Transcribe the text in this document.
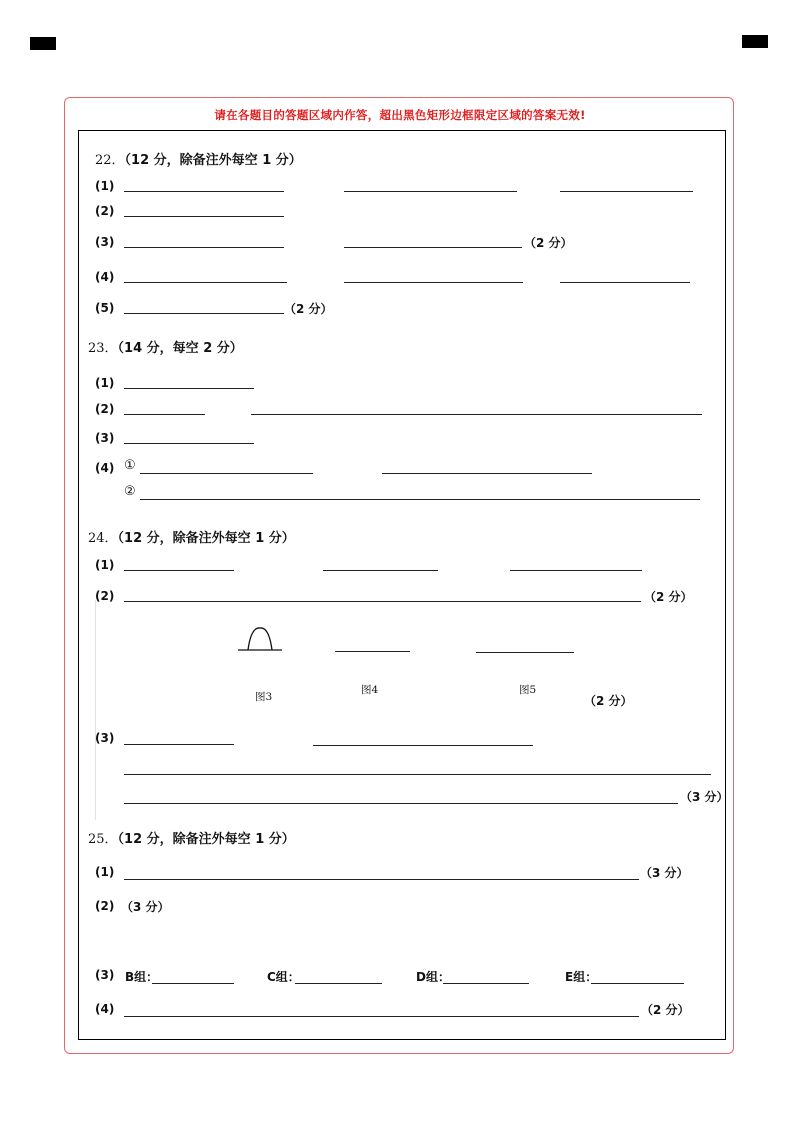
请在各题目的答题区域内作答，超出黑色矩形边框限定区域的答案无效!
22．（12 分，除备注外每空 1 分）
(1)
(2)
(3)	（2 分）
(4)
(5)	（2 分）
23．（14 分，每空 2 分）
(1)
(2)
(3)
(4) ①
②
24．（12 分，除备注外每空 1 分）
(1)
(2)	（2 分）
图3
图4	图5
（2 分）
(3)
（3 分）
25．（12 分，除备注外每空 1 分）
(1)	（3 分）
(2) （3 分）
(3) B组：	C组：	D组：	E组：
(4)	（2 分）
